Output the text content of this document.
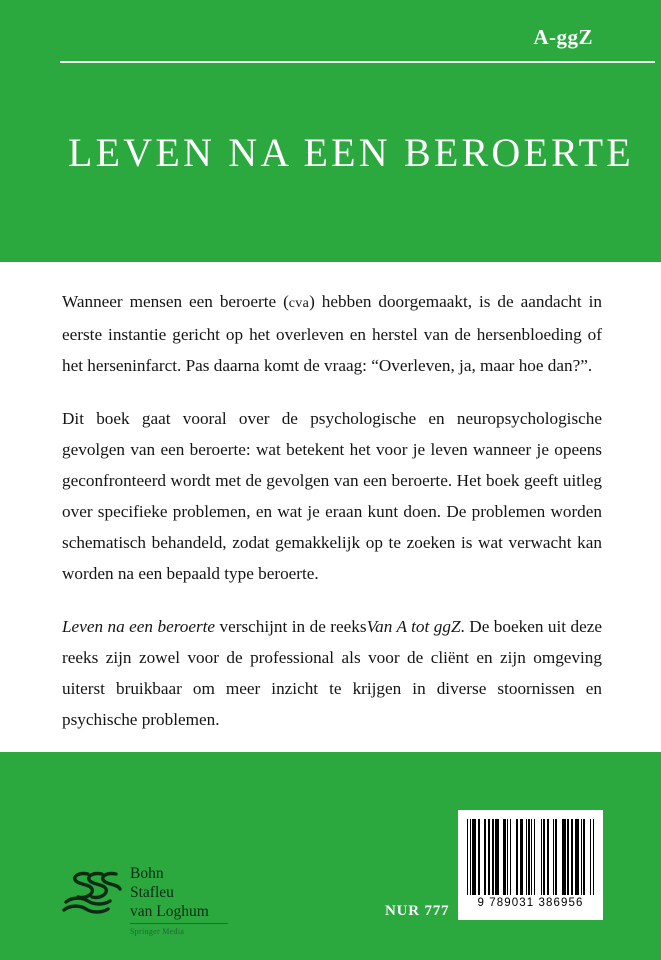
A-ggZ
LEVEN NA EEN BEROERTE

Wanneer mensen een beroerte (cva) hebben doorgemaakt, is de aandacht in eerste instantie gericht op het overleven en herstel van de hersenbloeding of het herseninfarct. Pas daarna komt de vraag: “Overleven, ja, maar hoe dan?”.

Dit boek gaat vooral over de psychologische en neuropsychologische gevolgen van een beroerte: wat betekent het voor je leven wanneer je opeens geconfronteerd wordt met de gevolgen van een beroerte. Het boek geeft uitleg over specifieke problemen, en wat je eraan kunt doen. De problemen worden schematisch behandeld, zodat gemakkelijk op te zoeken is wat verwacht kan worden na een bepaald type beroerte.

Leven na een beroerte verschijnt in de reeksVan A tot ggZ. De boeken uit deze reeks zijn zowel voor de professional als voor de cliënt en zijn omgeving uiterst bruikbaar om meer inzicht te krijgen in diverse stoornissen en psychische problemen.

Bohn
Stafleu
van Loghum
Springer Media
NUR 777	9 789031 386956
